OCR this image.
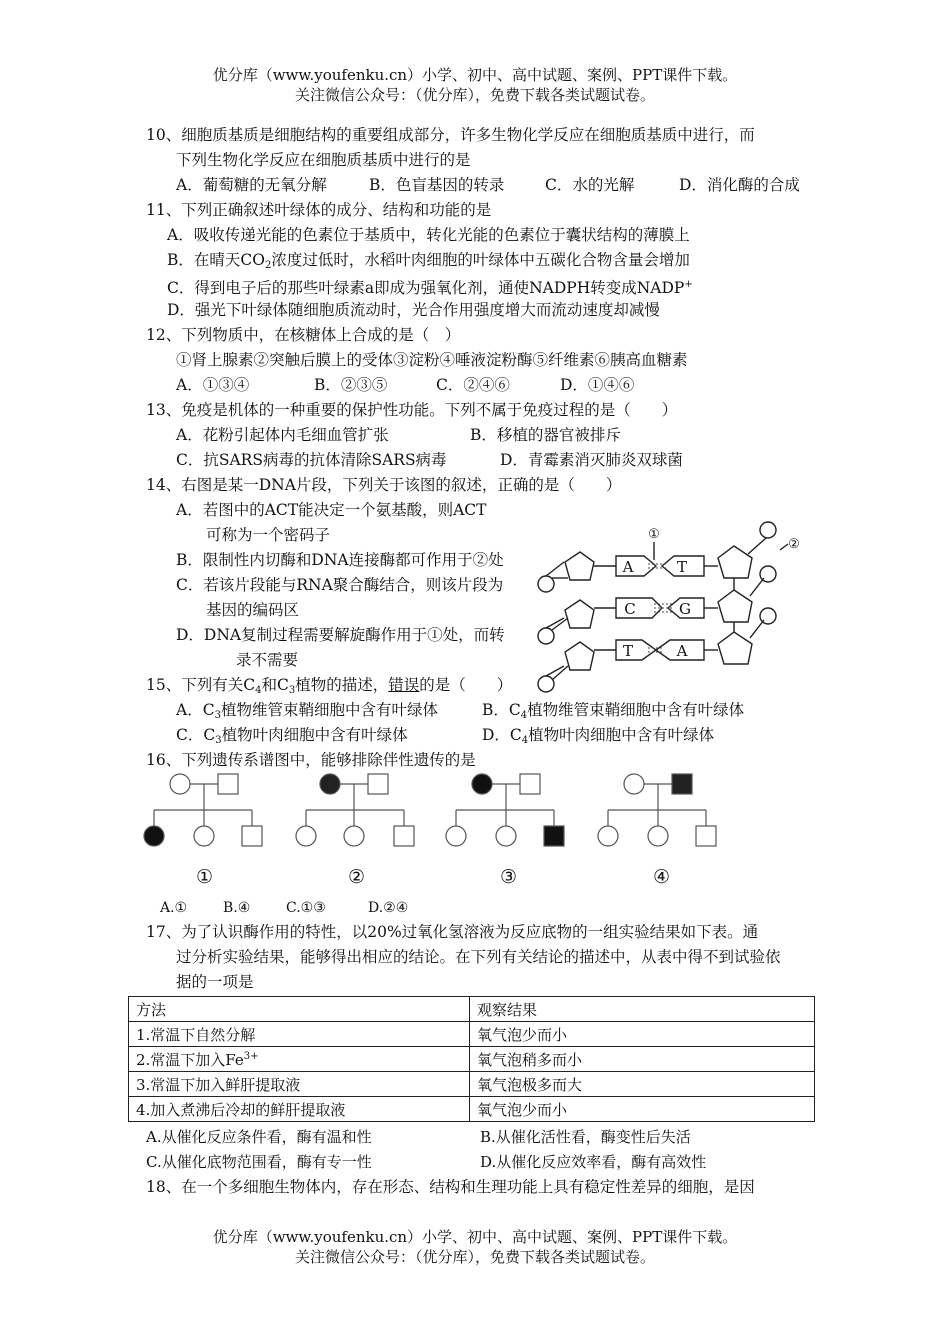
优分库（www.youfenku.cn）小学、初中、高中试题、案例、PPT课件下载。
关注微信公众号：（优分库），免费下载各类试题试卷。
10、细胞质基质是细胞结构的重要组成部分，许多生物化学反应在细胞质基质中进行，而
下列生物化学反应在细胞质基质中进行的是
A．葡萄糖的无氧分解	B．色盲基因的转录	C．水的光解	D．消化酶的合成
11、下列正确叙述叶绿体的成分、结构和功能的是
A．吸收传递光能的色素位于基质中，转化光能的色素位于囊状结构的薄膜上
B．在晴天$CO_2$浓度过低时，水稻叶肉细胞的叶绿体中五碳化合物含量会增加
C．得到电子后的那些叶绿素a即成为强氧化剂，通使NADPH转变成NADP+
D．强光下叶绿体随细胞质流动时，光合作用强度增大而流动速度却减慢
12、下列物质中，在核糖体上合成的是（　）
①肾上腺素②突触后膜上的受体③淀粉④唾液淀粉酶⑤纤维素⑥胰高血糖素
A．①③④	B．②③⑤	C．②④⑥	D．①④⑥
13、免疫是机体的一种重要的保护性功能。下列不属于免疫过程的是（　　）
A．花粉引起体内毛细血管扩张	B．移植的器官被排斥
C．抗SARS病毒的抗体清除SARS病毒	D．青霉素消灭肺炎双球菌
14、右图是某一DNA片段，下列关于该图的叙述，正确的是（　　）
A．若图中的ACT能决定一个氨基酸，则ACT
可称为一个密码子
B．限制性内切酶和DNA连接酶都可作用于②处
C．若该片段能与RNA聚合酶结合，则该片段为
基因的编码区
D．DNA复制过程需要解旋酶作用于①处，而转
录不需要
A	T
C	G
T	A
①
②
15、下列有关$C_4$和$C_3$植物的描述，错误的是（　　）
A．$C_3$植物维管束鞘细胞中含有叶绿体	B．$C_4$植物维管束鞘细胞中含有叶绿体
C．$C_3$植物叶肉细胞中含有叶绿体	D．$C_4$植物叶肉细胞中含有叶绿体
16、下列遗传系谱图中，能够排除伴性遗传的是
①	②	③	④
A.①	B.④	C.①③	D.②④
17、为了认识酶作用的特性，以20%过氧化氢溶液为反应底物的一组实验结果如下表。通
过分析实验结果，能够得出相应的结论。在下列有关结论的描述中，从表中得不到试验依
据的一项是
方法	观察结果
1.常温下自然分解	氧气泡少而小
2.常温下加入$Fe^{3+}$	氧气泡稍多而小
3.常温下加入鲜肝提取液	氧气泡极多而大
4.加入煮沸后冷却的鲜肝提取液	氧气泡少而小
A.从催化反应条件看，酶有温和性	B.从催化活性看，酶变性后失活
C.从催化底物范围看，酶有专一性	D.从催化反应效率看，酶有高效性
18、在一个多细胞生物体内，存在形态、结构和生理功能上具有稳定性差异的细胞，是因
优分库（www.youfenku.cn）小学、初中、高中试题、案例、PPT课件下载。
关注微信公众号：（优分库），免费下载各类试题试卷。
